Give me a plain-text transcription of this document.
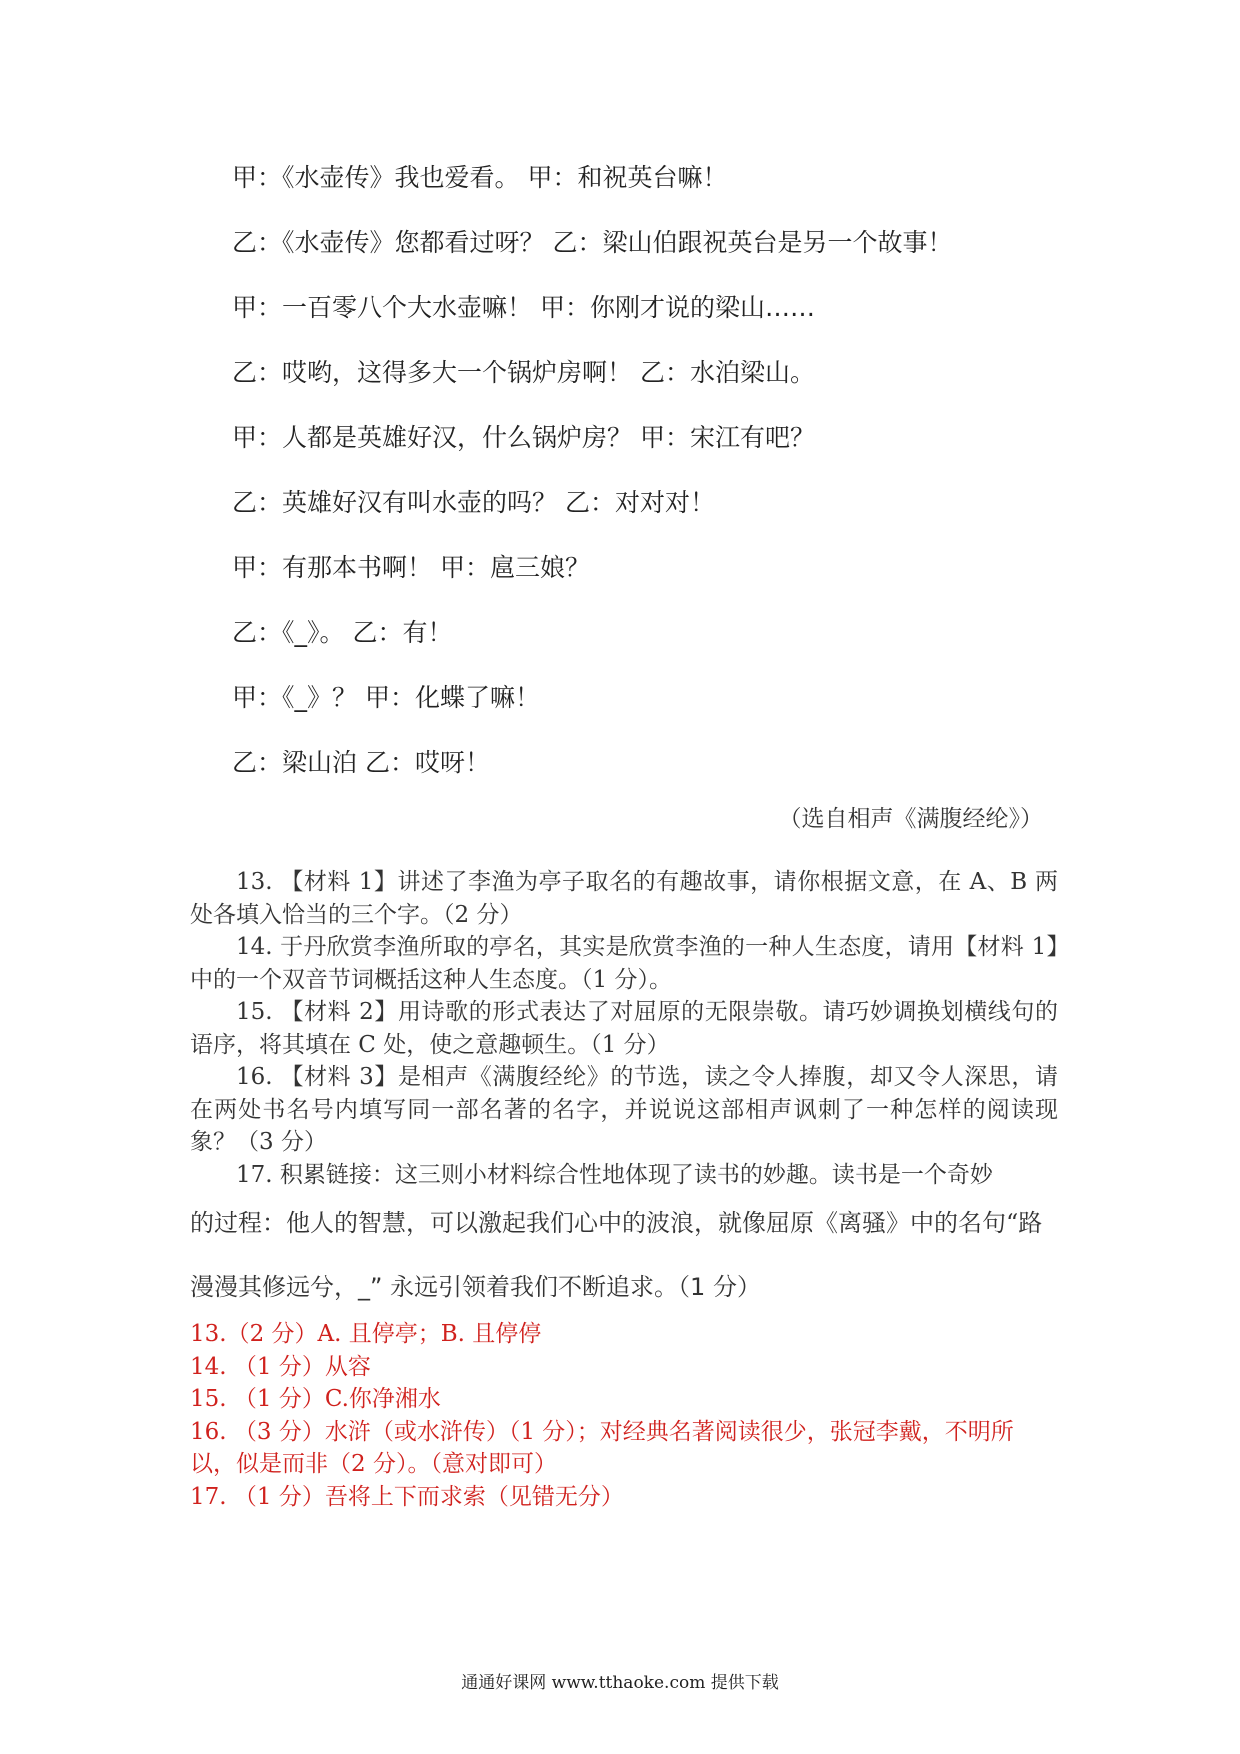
甲：《水壶传》我也爱看。 甲：和祝英台嘛！
乙：《水壶传》您都看过呀？ 乙：梁山伯跟祝英台是另一个故事！
甲：一百零八个大水壶嘛！ 甲：你刚才说的梁山……
乙：哎哟，这得多大一个锅炉房啊！ 乙：水泊梁山。
甲：人都是英雄好汉，什么锅炉房？ 甲：宋江有吧？
乙：英雄好汉有叫水壶的吗？ 乙：对对对！
甲：有那本书啊！ 甲：扈三娘？
乙：《_》。 乙：有！
甲：《_》？ 甲：化蝶了嘛！
乙：梁山泊 乙：哎呀！
（选自相声《满腹经纶》）

13. 【材料 1】讲述了李渔为亭子取名的有趣故事，请你根据文意，在 A、B 两处各填入恰当的三个字。（2 分）

14. 于丹欣赏李渔所取的亭名，其实是欣赏李渔的一种人生态度，请用【材料 1】中的一个双音节词概括这种人生态度。（1 分）。

15. 【材料 2】用诗歌的形式表达了对屈原的无限崇敬。请巧妙调换划横线句的语序，将其填在 C 处，使之意趣顿生。（1 分）

16. 【材料 3】是相声《满腹经纶》的节选，读之令人捧腹，却又令人深思，请在两处书名号内填写同一部名著的名字，并说说这部相声讽刺了一种怎样的阅读现象？（3 分）

17. 积累链接：这三则小材料综合性地体现了读书的妙趣。读书是一个奇妙

的过程：他人的智慧，可以激起我们心中的波浪，就像屈原《离骚》中的名句“路

漫漫其修远兮，_” 永远引领着我们不断追求。（1 分）

13.（2 分）A. 且停亭；B. 且停停

14. （1 分）从容

15. （1 分）C.你净湘水

16. （3 分）水浒（或水浒传）（1 分）；对经典名著阅读很少，张冠李戴，不明所以，似是而非（2 分）。（意对即可）

17. （1 分）吾将上下而求索（见错无分）

通通好课网 www.tthaoke.com 提供下载
